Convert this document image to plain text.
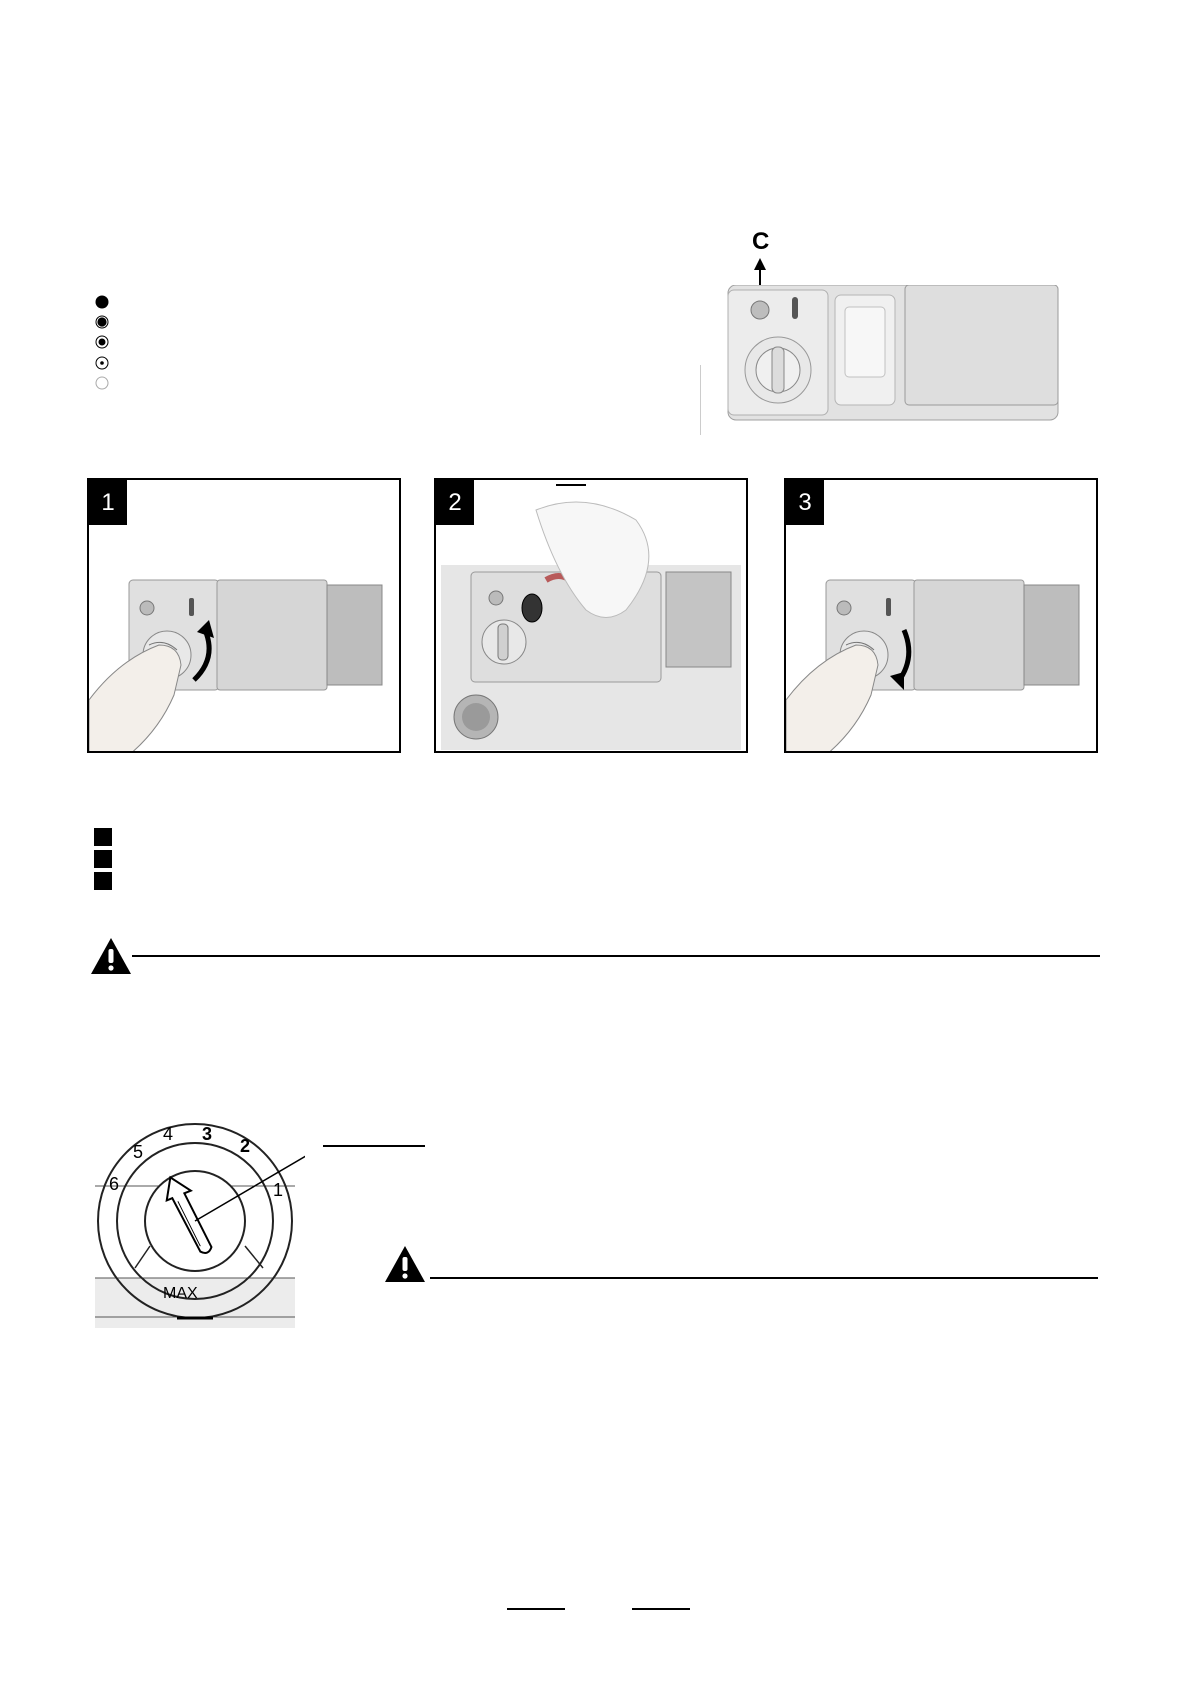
C
1	2	3
1
2
3
4
5
6
MAX
